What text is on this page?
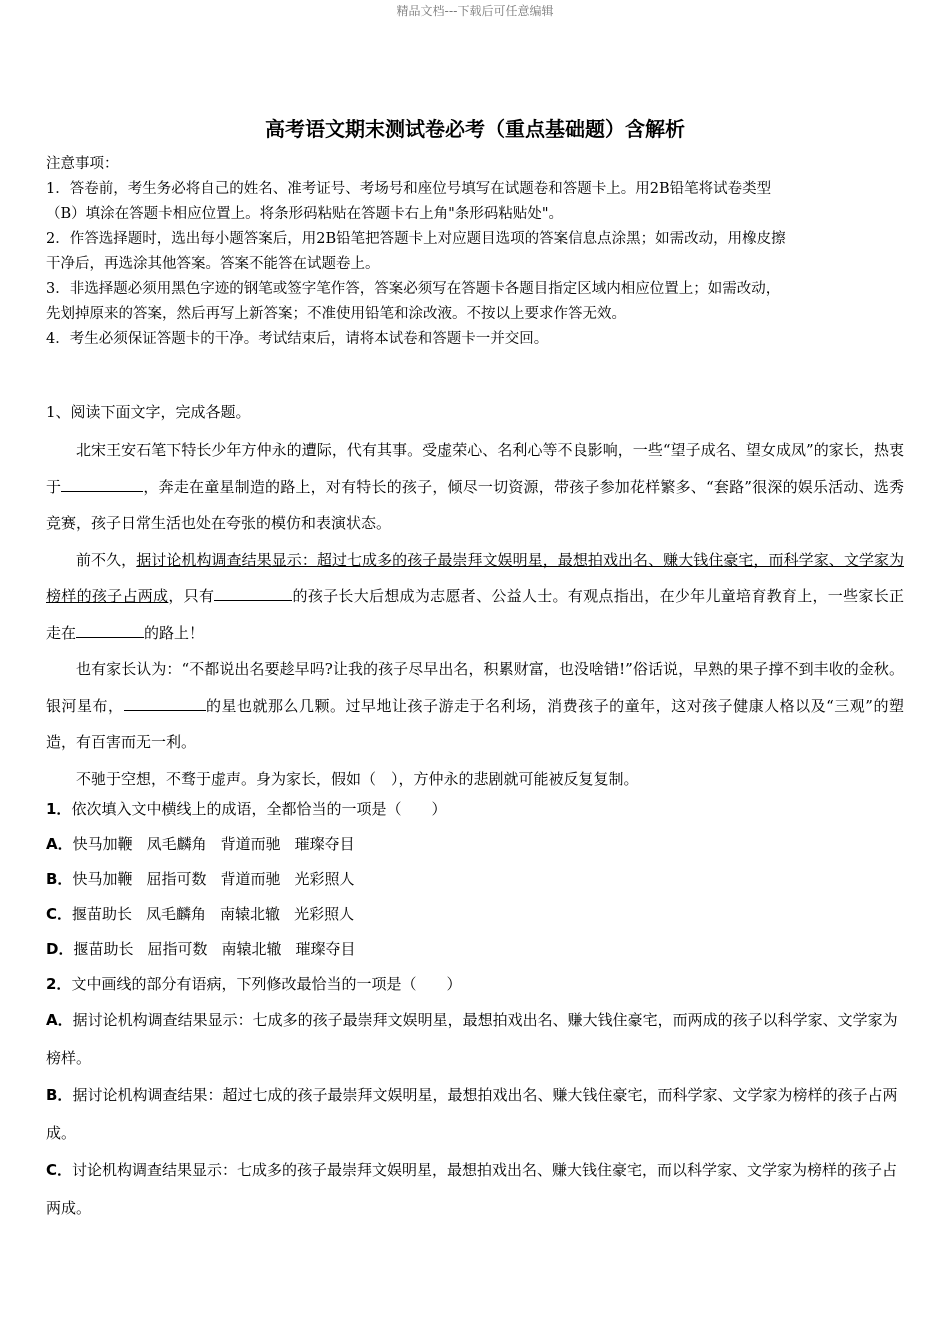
精品文档---下载后可任意编辑
高考语文期末测试卷必考（重点基础题）含解析

注意事项：

1．答卷前，考生务必将自己的姓名、准考证号、考场号和座位号填写在试题卷和答题卡上。用2B铅笔将试卷类型

（B）填涂在答题卡相应位置上。将条形码粘贴在答题卡右上角"条形码粘贴处"。

2．作答选择题时，选出每小题答案后，用2B铅笔把答题卡上对应题目选项的答案信息点涂黑；如需改动，用橡皮擦

干净后，再选涂其他答案。答案不能答在试题卷上。

3．非选择题必须用黑色字迹的钢笔或签字笔作答，答案必须写在答题卡各题目指定区域内相应位置上；如需改动，

先划掉原来的答案，然后再写上新答案；不准使用铅笔和涂改液。不按以上要求作答无效。

4．考生必须保证答题卡的干净。考试结束后，请将本试卷和答题卡一并交回。

1、阅读下面文字，完成各题。

北宋王安石笔下特长少年方仲永的遭际，代有其事。受虚荣心、名利心等不良影响，一些“望子成名、望女成凤”的家长，热衷于	，奔走在童星制造的路上，对有特长的孩子，倾尽一切资源，带孩子参加花样繁多、“套路”很深的娱乐活动、选秀竞赛，孩子日常生活也处在夸张的模仿和表演状态。

前不久，据讨论机构调查结果显示：超过七成多的孩子最崇拜文娱明星，最想拍戏出名、赚大钱住豪宅，而科学家、文学家为榜样的孩子占两成，只有	的孩子长大后想成为志愿者、公益人士。有观点指出，在少年儿童培育教育上，一些家长正走在	的路上！

也有家长认为：“不都说出名要趁早吗?让我的孩子尽早出名，积累财富，也没啥错!”俗话说，早熟的果子撑不到丰收的金秋。银河星布，	的星也就那么几颗。过早地让孩子游走于名利场，消费孩子的童年，这对孩子健康人格以及“三观”的塑造，有百害而无一利。

不驰于空想，不骛于虚声。身为家长，假如（　），方仲永的悲剧就可能被反复复制。

1．依次填入文中横线上的成语，全都恰当的一项是（　　）

A．快马加鞭 凤毛麟角 背道而驰 璀璨夺目

B．快马加鞭 屈指可数 背道而驰 光彩照人

C．揠苗助长 凤毛麟角 南辕北辙 光彩照人

D．揠苗助长 屈指可数 南辕北辙 璀璨夺目

2．文中画线的部分有语病，下列修改最恰当的一项是（　　）

A．据讨论机构调查结果显示：七成多的孩子最崇拜文娱明星，最想拍戏出名、赚大钱住豪宅，而两成的孩子以科学家、文学家为榜样。

B．据讨论机构调查结果：超过七成的孩子最崇拜文娱明星，最想拍戏出名、赚大钱住豪宅，而科学家、文学家为榜样的孩子占两成。

C．讨论机构调查结果显示：七成多的孩子最崇拜文娱明星，最想拍戏出名、赚大钱住豪宅，而以科学家、文学家为榜样的孩子占两成。
